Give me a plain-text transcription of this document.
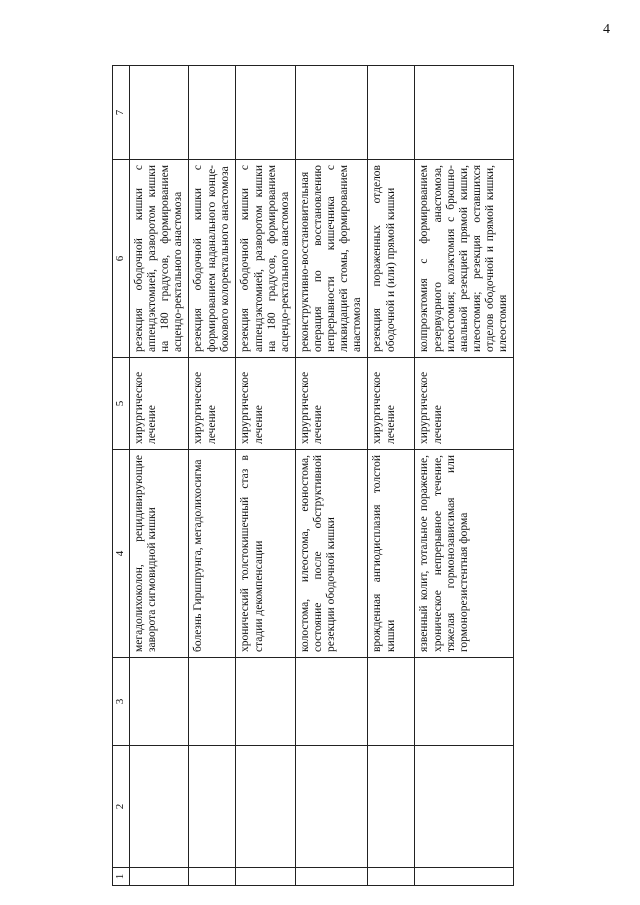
4
1	2	3	4	5	6	7
			мегадолихоколон, рецидивирующие заворота сигмовидной кишки	хирургическое лечение	резекция ободочной кишки с аппендэктомией, разворотом кишки на 180 градусов, формированием асцендо-ректального анастомоза	
			болезнь Гиршпрунга, мегадолихосигма	хирургическое лечение	резекция ободочной кишки с формированием наданального конце-бокового колоректального анастомоза	
			хронический толстокишечный стаз в стадии декомпенсации	хирургическое лечение	резекция ободочной кишки с аппендэктомией, разворотом кишки на 180 градусов, формированием асцендо-ректального анастомоза	
			колостома, илеостома, еюностома, состояние после обструктивной резекции ободочной кишки	хирургическое лечение	реконструктивно-восстановительная операция по восстановлению непрерывности кишечника с ликвидацией стомы, формированием анастомоза	
			врожденная ангиодисплазия толстой кишки	хирургическое лечение	резекция пораженных отделов ободочной и (или) прямой кишки	
			язвенный колит, тотальное поражение, хроническое непрерывное течение, тяжелая гормонозависимая или гормонорезистентная форма	хирургическое лечение	колпроэктомия с формированием резервуарного анастомоза, илеостомия; колэктомия с брюшно-анальной резекцией прямой кишки, илеостомия; резекция оставшихся отделов ободочной и прямой кишки, илеостомия	
